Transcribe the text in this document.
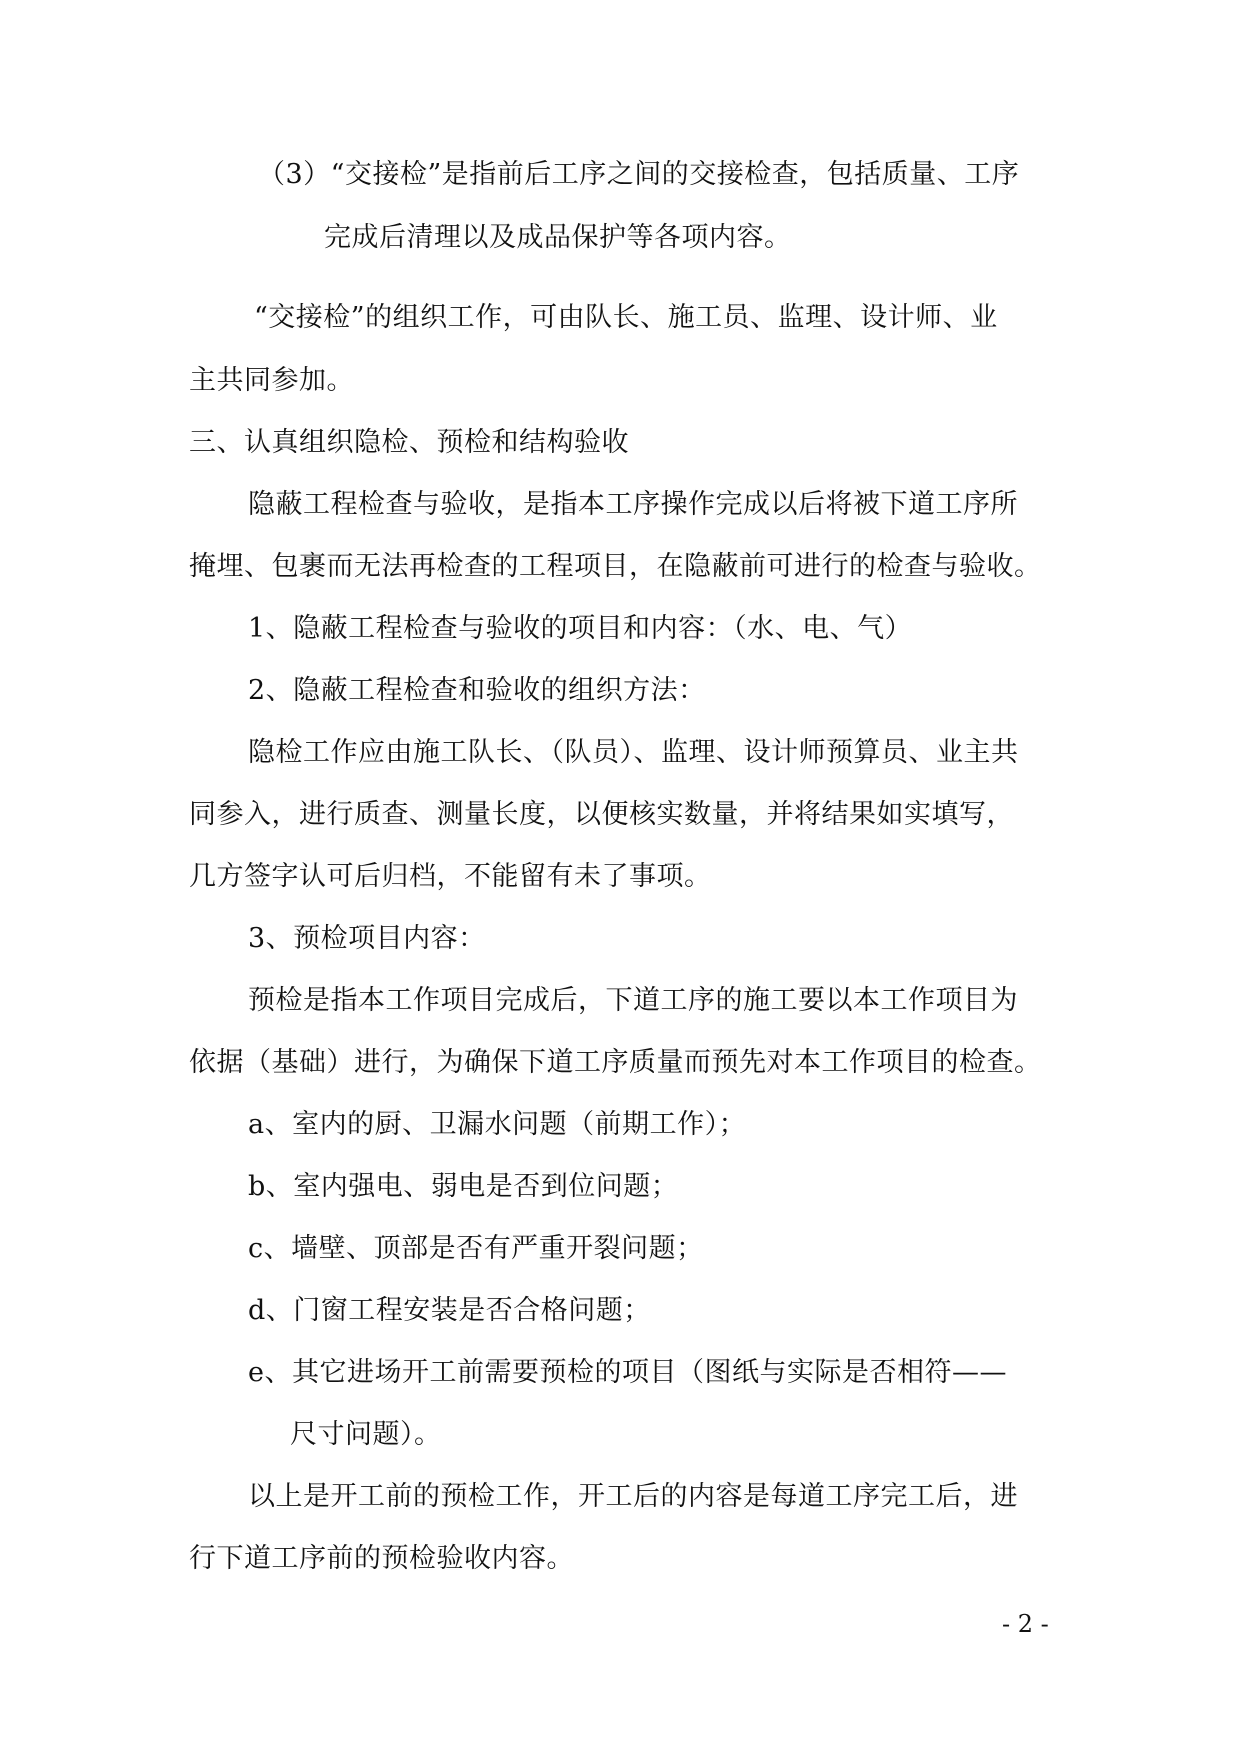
（3）“交接检”是指前后工序之间的交接检查，包括质量、工序
完成后清理以及成品保护等各项内容。
“交接检”的组织工作，可由队长、施工员、监理、设计师、业
主共同参加。
三、认真组织隐检、预检和结构验收
隐蔽工程检查与验收，是指本工序操作完成以后将被下道工序所
掩埋、包裹而无法再检查的工程项目，在隐蔽前可进行的检查与验收。
1、隐蔽工程检查与验收的项目和内容：（水、电、气）
2、隐蔽工程检查和验收的组织方法：
隐检工作应由施工队长、（队员）、监理、设计师预算员、业主共
同参入，进行质查、测量长度，以便核实数量，并将结果如实填写，
几方签字认可后归档，不能留有未了事项。
3、预检项目内容：
预检是指本工作项目完成后，下道工序的施工要以本工作项目为
依据（基础）进行，为确保下道工序质量而预先对本工作项目的检查。
a、室内的厨、卫漏水问题（前期工作）；
b、室内强电、弱电是否到位问题；
c、墙壁、顶部是否有严重开裂问题；
d、门窗工程安装是否合格问题；
e、其它进场开工前需要预检的项目（图纸与实际是否相符——
尺寸问题）。
以上是开工前的预检工作，开工后的内容是每道工序完工后，进
行下道工序前的预检验收内容。
- 2 -
